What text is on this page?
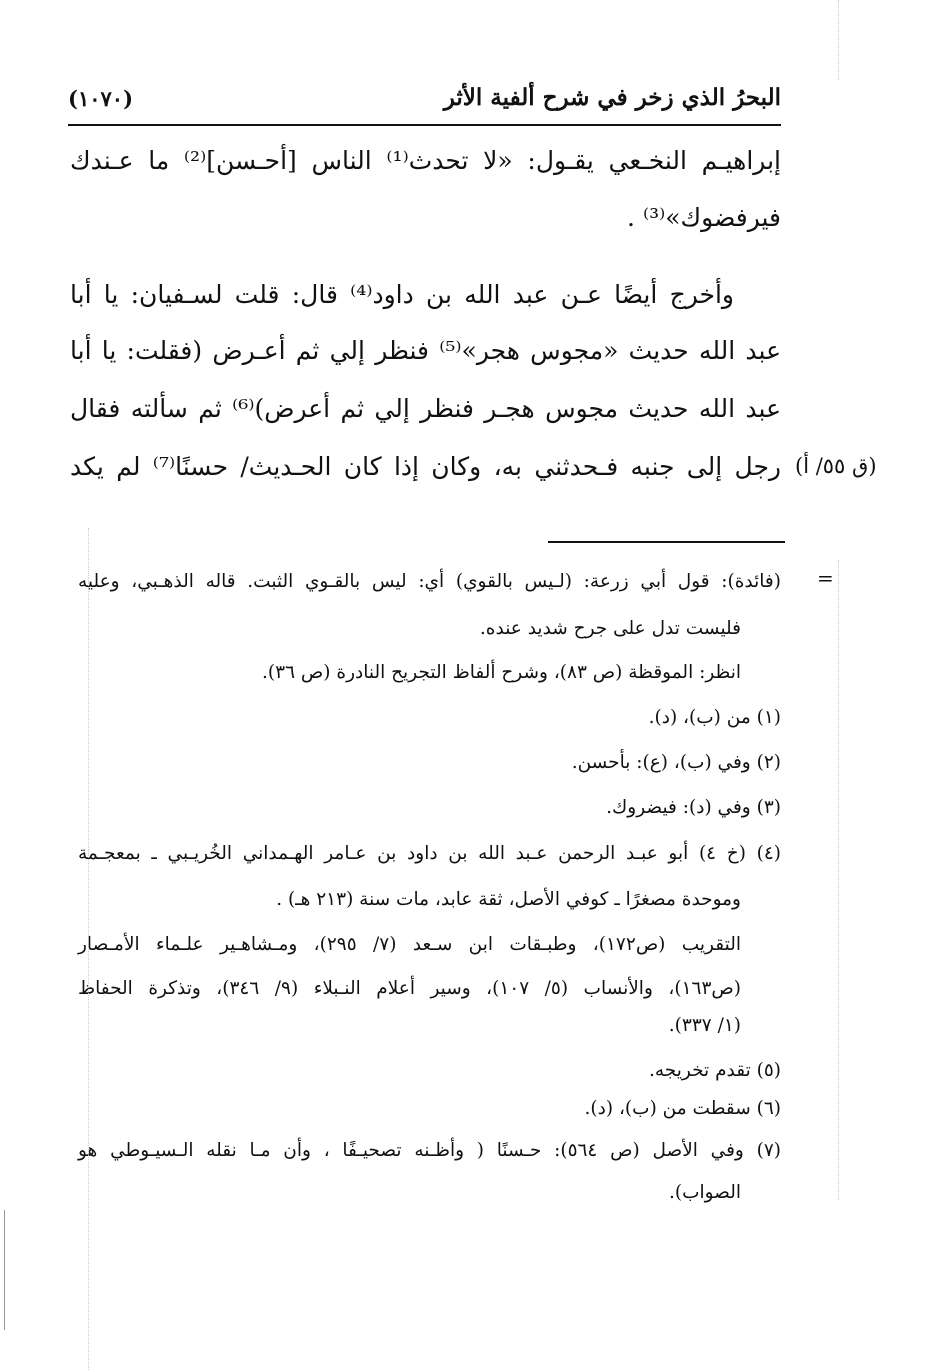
البحرُ الذي زخر في شرح ألفية الأثر
(١٠٧٠)
إبراهيـم النخـعي يقـول: «لا تحدث⁽¹⁾ الناس [أحـسن]⁽²⁾ ما عـندك
فيرفضوك»⁽³⁾ .
وأخرج أيضًا عـن عبد الله بن داود⁽⁴⁾ قال: قلت لسـفيان: يا أبا
عبد الله حديث «مجوس هجر»⁽⁵⁾ فنظر إلي ثم أعـرض (فقلت: يا أبا
عبد الله حديث مجوس هجـر فنظر إلي ثم أعرض)⁽⁶⁾ ثم سألته فقال
رجل إلى جنبه فـحدثني به، وكان إذا كان الحـديث/ حسنًا⁽⁷⁾ لم يكد (ق ٥٥/ أ)
=
(فائدة): قول أبي زرعة: (لـيس بالقوي) أي: ليس بالقـوي الثبت. قاله الذهـبي، وعليه
فليست تدل على جرح شديد عنده.
انظر: الموقظة (ص ٨٣)، وشرح ألفاظ التجريح النادرة (ص ٣٦).
(١) من (ب)، (د).
(٢) وفي (ب)، (ع): بأحسن.
(٣) وفي (د): فيضروك.
(٤) (خ ٤) أبو عبـد الرحمن عـبد الله بن داود بن عـامر الهـمداني الخُريـبي ـ بمعجـمة
وموحدة مصغرًا ـ كوفي الأصل، ثقة عابد، مات سنة (٢١٣ هـ) .
التقريب (ص١٧٢)، وطبـقات ابن سـعد (٧/ ٢٩٥)، ومـشاهـير علـماء الأمـصار
(ص١٦٣)، والأنساب (٥/ ١٠٧)، وسير أعلام النـبلاء (٩/ ٣٤٦)، وتذكرة الحفاظ
(١/ ٣٣٧).
(٥) تقدم تخريجه.
(٦) سقطت من (ب)، (د).
(٧) وفي الأصل (ص ٥٦٤): حـسنًا ( وأظـنه تصحيـفًا ، وأن مـا نقله الـسيـوطي هو
الصواب).
